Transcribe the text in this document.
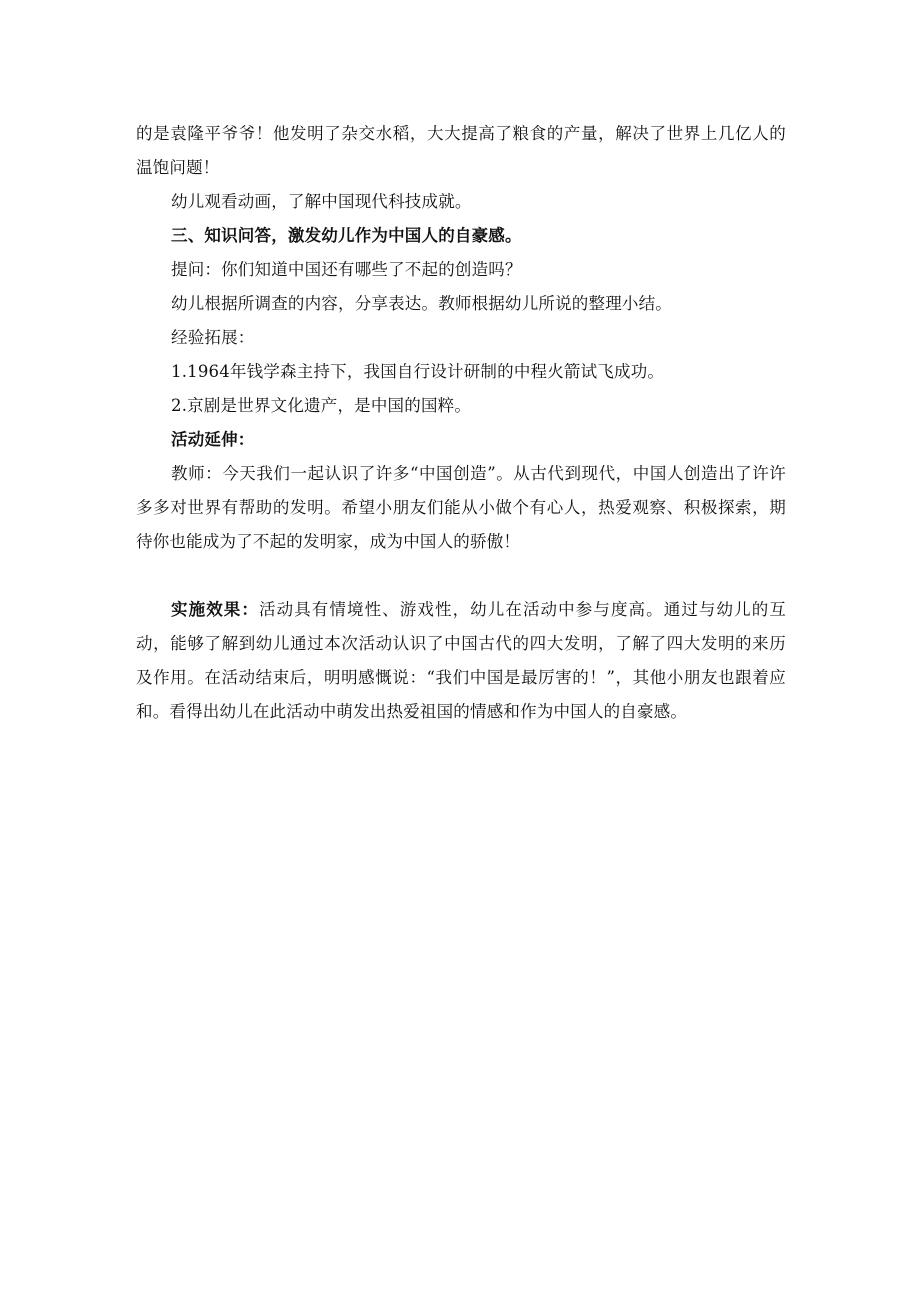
的是袁隆平爷爷！他发明了杂交水稻，大大提高了粮食的产量，解决了世界上几亿人的温饱问题！

幼儿观看动画，了解中国现代科技成就。

三、知识问答，激发幼儿作为中国人的自豪感。

提问：你们知道中国还有哪些了不起的创造吗？

幼儿根据所调查的内容，分享表达。教师根据幼儿所说的整理小结。

经验拓展：

1.1964年钱学森主持下，我国自行设计研制的中程火箭试飞成功。

2.京剧是世界文化遗产，是中国的国粹。

活动延伸：

教师：今天我们一起认识了许多“中国创造”。从古代到现代，中国人创造出了许许多多对世界有帮助的发明。希望小朋友们能从小做个有心人，热爱观察、积极探索，期待你也能成为了不起的发明家，成为中国人的骄傲！

实施效果：活动具有情境性、游戏性，幼儿在活动中参与度高。通过与幼儿的互动，能够了解到幼儿通过本次活动认识了中国古代的四大发明，了解了四大发明的来历及作用。在活动结束后，明明感慨说：“我们中国是最厉害的！”，其他小朋友也跟着应和。看得出幼儿在此活动中萌发出热爱祖国的情感和作为中国人的自豪感。
